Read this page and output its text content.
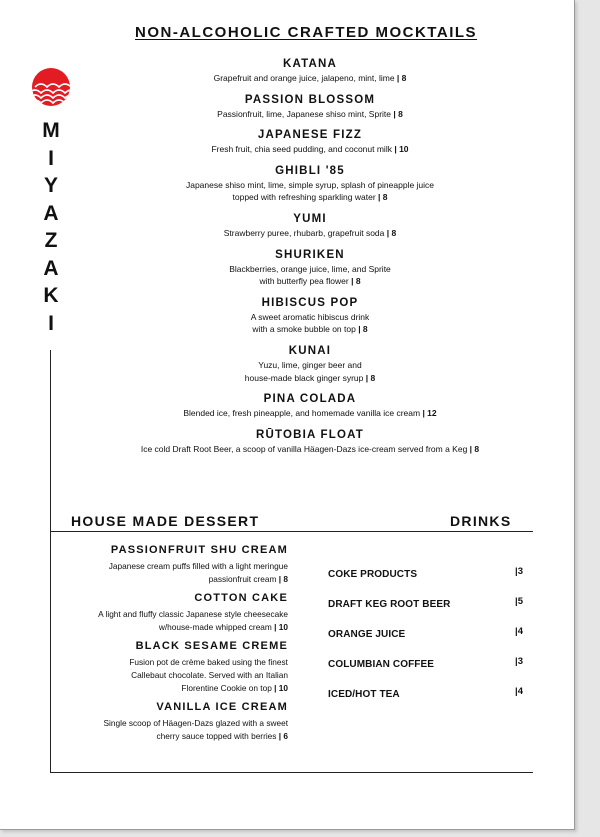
M
I
Y
A
Z
A
K
I
NON-ALCOHOLIC CRAFTED MOCKTAILS
KATANA
Grapefruit and orange juice, jalapeno, mint, lime | 8
PASSION BLOSSOM
Passionfruit, lime, Japanese shiso mint, Sprite | 8
JAPANESE FIZZ
Fresh fruit, chia seed pudding, and coconut milk | 10
GHIBLI '85
Japanese shiso mint, lime, simple syrup, splash of pineapple juice
topped with refreshing sparkling water | 8
YUMI
Strawberry puree, rhubarb, grapefruit soda | 8
SHURIKEN
Blackberries, orange juice, lime, and Sprite
with butterfly pea flower | 8
HIBISCUS POP
A sweet aromatic hibiscus drink
with a smoke bubble on top | 8
KUNAI
Yuzu, lime, ginger beer and
house-made black ginger syrup | 8
PINA COLADA
Blended ice, fresh pineapple, and homemade vanilla ice cream | 12
RŪTOBIA FLOAT
Ice cold Draft Root Beer, a scoop of vanilla Häagen-Dazs ice-cream served from a Keg | 8
HOUSE MADE DESSERT	DRINKS
PASSIONFRUIT SHU CREAM
Japanese cream puffs filled with a light meringue
passionfruit cream | 8
COTTON CAKE
A light and fluffy classic Japanese style cheesecake
w/house-made whipped cream | 10
BLACK SESAME CREME
Fusion pot de crème baked using the finest
Callebaut chocolate. Served with an Italian
Florentine Cookie on top | 10
VANILLA ICE CREAM
Single scoop of Häagen-Dazs glazed with a sweet
cherry sauce topped with berries | 6
COKE PRODUCTS	|3
DRAFT KEG ROOT BEER	|5
ORANGE JUICE	|4
COLUMBIAN COFFEE	|3
ICED/HOT TEA	|4
